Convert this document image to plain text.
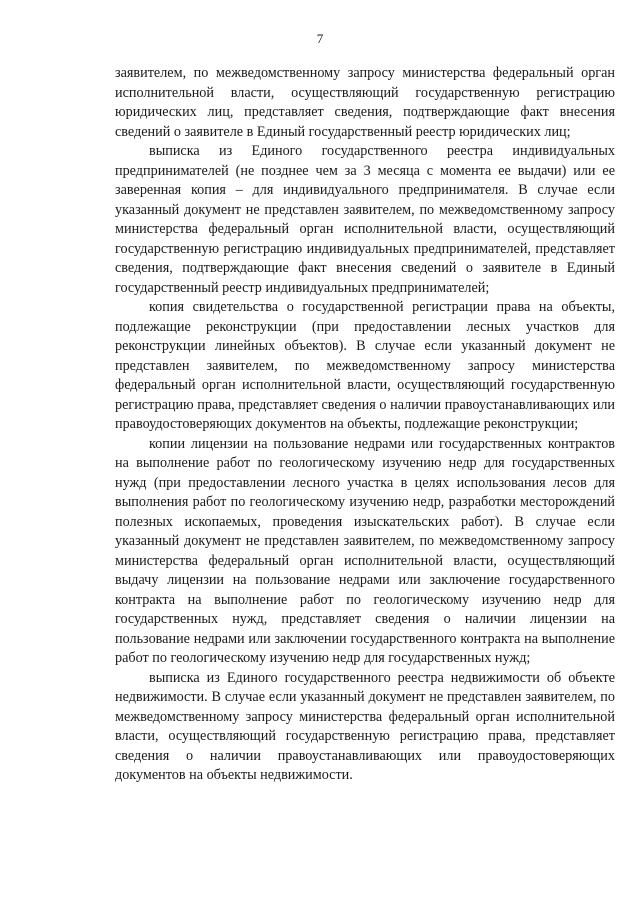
7

заявителем, по межведомственному запросу министерства федеральный орган исполнительной власти, осуществляющий государственную регистрацию юридических лиц, представляет сведения, подтверждающие факт внесения сведений о заявителе в Единый государственный реестр юридических лиц;

выписка из Единого государственного реестра индивидуальных предпринимателей (не позднее чем за 3 месяца с момента ее выдачи) или ее заверенная копия – для индивидуального предпринимателя. В случае если указанный документ не представлен заявителем, по межведомственному запросу министерства федеральный орган исполнительной власти, осуществляющий государственную регистрацию индивидуальных предпринимателей, представляет сведения, подтверждающие факт внесения сведений о заявителе в Единый государственный реестр индивидуальных предпринимателей;

копия свидетельства о государственной регистрации права на объекты, подлежащие реконструкции (при предоставлении лесных участков для реконструкции линейных объектов). В случае если указанный документ не представлен заявителем, по межведомственному запросу министерства федеральный орган исполнительной власти, осуществляющий государственную регистрацию права, представляет сведения о наличии правоустанавливающих или правоудостоверяющих документов на объекты, подлежащие реконструкции;

копии лицензии на пользование недрами или государственных контрактов на выполнение работ по геологическому изучению недр для государственных нужд (при предоставлении лесного участка в целях использования лесов для выполнения работ по геологическому изучению недр, разработки месторождений полезных ископаемых, проведения изыскательских работ). В случае если указанный документ не представлен заявителем, по межведомственному запросу министерства федеральный орган исполнительной власти, осуществляющий выдачу лицензии на пользование недрами или заключение государственного контракта на выполнение работ по геологическому изучению недр для государственных нужд, представляет сведения о наличии лицензии на пользование недрами или заключении государственного контракта на выполнение работ по геологическому изучению недр для государственных нужд;

выписка из Единого государственного реестра недвижимости об объекте недвижимости. В случае если указанный документ не представлен заявителем, по межведомственному запросу министерства федеральный орган исполнительной власти, осуществляющий государственную регистрацию права, представляет сведения о наличии правоустанавливающих или правоудостоверяющих документов на объекты недвижимости.
